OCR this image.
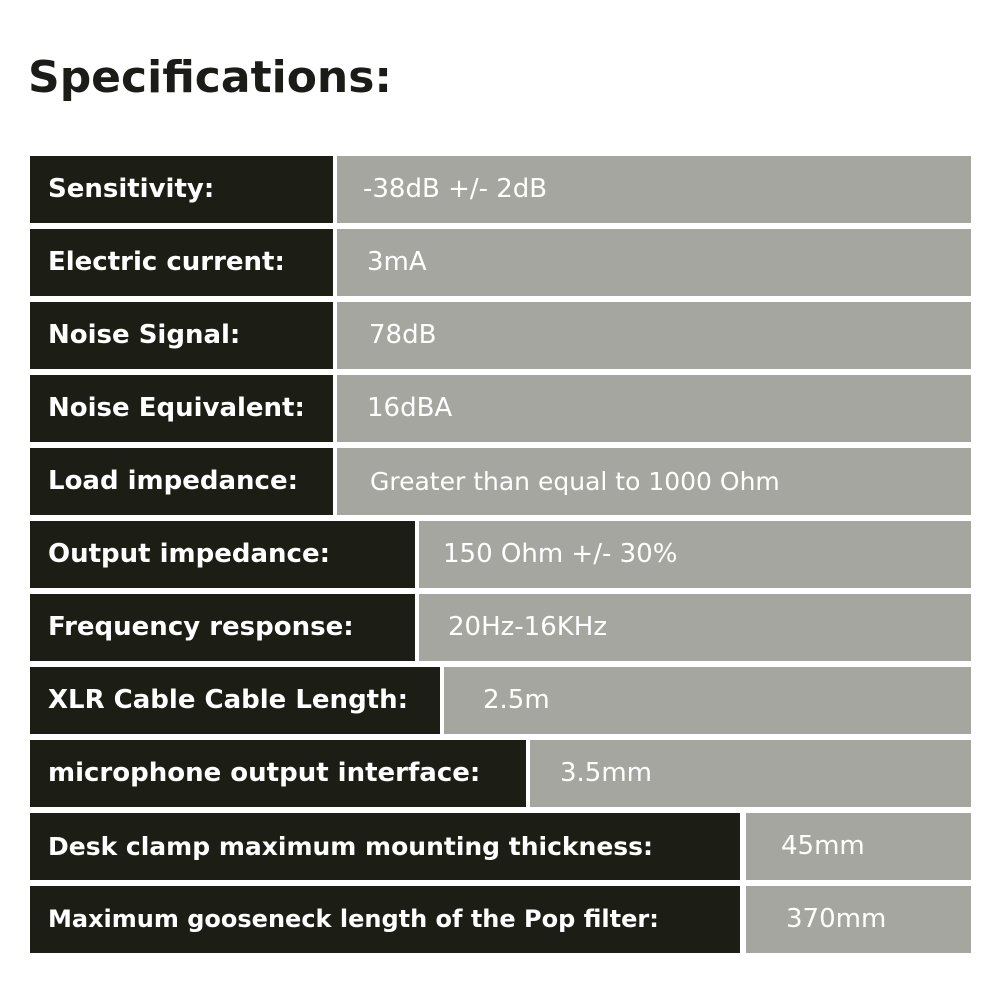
Specifications:
Sensitivity:	-38dB +/- 2dB
Electric current:	3mA
Noise Signal:	78dB
Noise Equivalent:	16dBA
Load impedance:	Greater than equal to 1000 Ohm
Output impedance:	150 Ohm +/- 30%
Frequency response:	20Hz-16KHz
XLR Cable Cable Length:	2.5m
microphone output interface:	3.5mm
Desk clamp maximum mounting thickness:	45mm
Maximum gooseneck length of the Pop filter:	370mm
